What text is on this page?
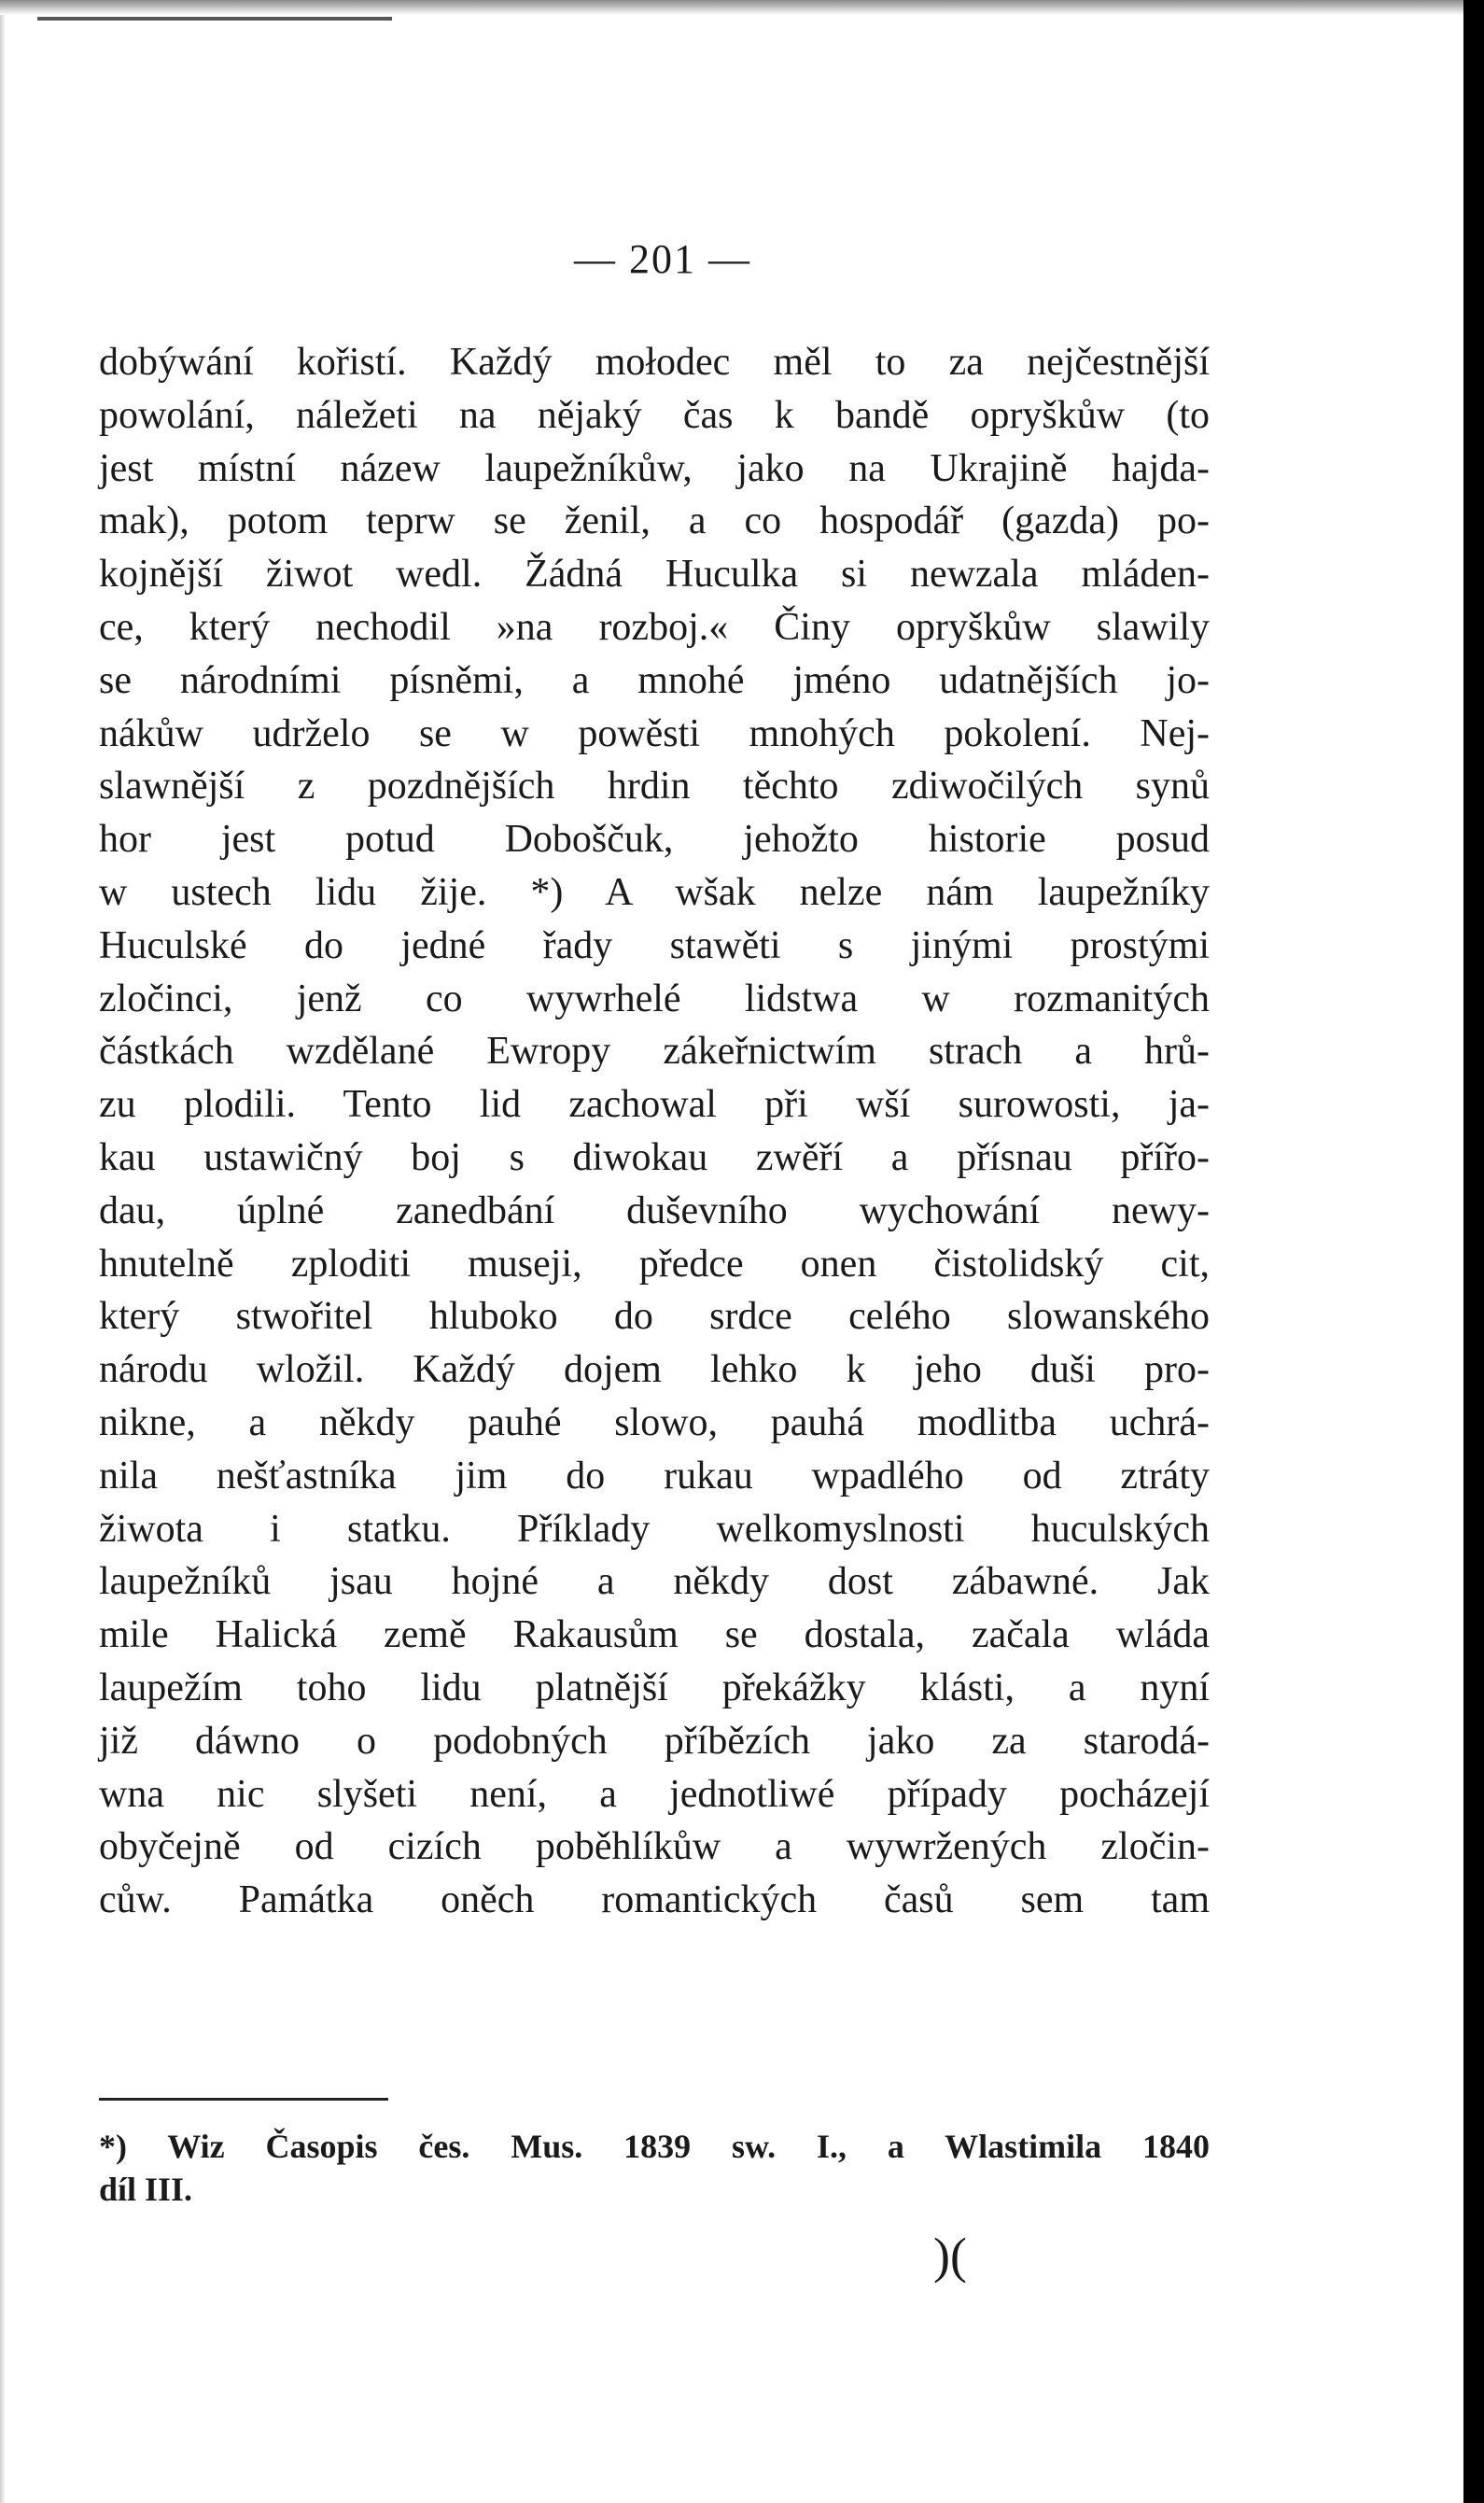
— 201 —
dobýwání kořistí. Každý mołodec měl to za nejčestnější
powolání, náležeti na nějaký čas k bandě opryškůw (to
jest místní názew laupežníkůw, jako na Ukrajině hajda-
mak), potom teprw se ženil, a co hospodář (gazda) po-
kojnější žiwot wedl. Žádná Huculka si newzala mláden-
ce, který nechodil »na rozboj.« Činy opryškůw slawily
se národními písněmi, a mnohé jméno udatnějších jo-
nákůw udrželo se w powěsti mnohých pokolení. Nej-
slawnější z pozdnějších hrdin těchto zdiwočilých synů
hor jest potud Doboščuk, jehožto historie posud
w ustech lidu žije. *) A wšak nelze nám laupežníky
Huculské do jedné řady stawěti s jinými prostými
zločinci, jenž co wywrhelé lidstwa w rozmanitých
částkách wzdělané Ewropy zákeřnictwím strach a hrů-
zu plodili. Tento lid zachowal při wší surowosti, ja-
kau ustawičný boj s diwokau zwěří a přísnau přířo-
dau, úplné zanedbání duševního wychowání newy-
hnutelně zploditi museji, předce onen čistolidský cit,
který stwořitel hluboko do srdce celého slowanského
národu wložil. Každý dojem lehko k jeho duši pro-
nikne, a někdy pauhé slowo, pauhá modlitba uchrá-
nila nešťastníka jim do rukau wpadlého od ztráty
žiwota i statku. Příklady welkomyslnosti huculských
laupežníků jsau hojné a někdy dost zábawné. Jak
mile Halická země Rakausům se dostala, začala wláda
laupežím toho lidu platnější překážky klásti, a nyní
již dáwno o podobných příbězích jako za starodá-
wna nic slyšeti není, a jednotliwé případy pocházejí
obyčejně od cizích poběhlíkůw a wywržených zločin-
cůw. Památka oněch romantických časů sem tam
*) Wiz Časopis čes. Mus. 1839 sw. I., a Wlastimila 1840
díl III.
)(
